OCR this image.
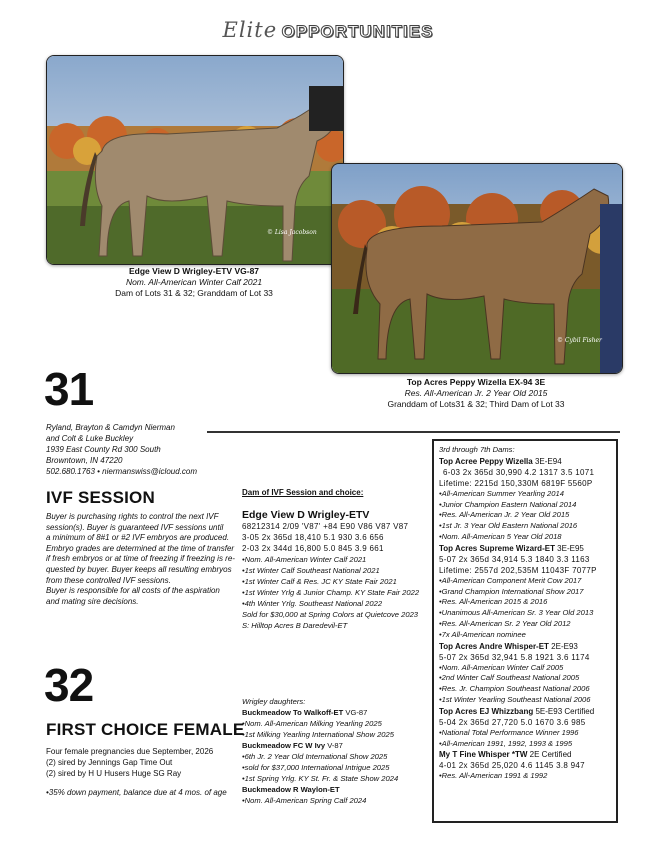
Elite OPPORTUNITIES
© Lisa Jacobson
Edge View D Wrigley-ETV VG-87
Nom. All-American Winter Calf 2021
Dam of Lots 31 & 32; Granddam of Lot 33
© Cybil Fisher
Top Acres Peppy Wizella EX-94 3E
Res. All-American Jr. 2 Year Old 2015
Granddam of Lots31 & 32; Third Dam of Lot 33
31
Ryland, Brayton & Camdyn Nierman
and Colt & Luke Buckley
1939 East County Rd 300 South
Browntown, IN 47220
502.680.1763 • niermanswiss@icloud.com
IVF SESSION
Buyer is purchasing rights to control the next IVF
session(s). Buyer is guaranteed IVF sessions until
a minimum of 8#1 or #2 IVF embryos are produced.
Embryo grades are determined at the time of transfer
if fresh embryos or at time of freezing if freezing is re-
quested by buyer. Buyer keeps all resulting embryos
from these controlled IVF sessions.
Buyer is responsible for all costs of the aspiration
and mating sire decisions.
32
FIRST CHOICE FEMALE
Four female pregnancies due September, 2026
(2) sired by Jennings Gap Time Out
(2) sired by H U Husers Huge SG Ray
•35% down payment, balance due at 4 mos. of age
Dam of IVF Session and choice:
Edge View D Wrigley-ETV
68212314 2/09 'V87' +84 E90 V86 V87 V87
3-05 2x 365d 18,410 5.1 930 3.6 656
2-03 2x 344d 16,800 5.0 845 3.9 661
•Nom. All-American Winter Calf 2021
•1st Winter Calf Southeast National 2021
•1st Winter Calf & Res. JC KY State Fair 2021
•1st Winter Yrlg & Junior Champ. KY State Fair 2022
•4th Winter Yrlg. Southeast National 2022
Sold for $30,000 at Spring Colors at Quietcove 2023
S: Hilltop Acres B Daredevil-ET
Wrigley daughters:
Buckmeadow To Walkoff-ET VG-87
•Nom. All-American Milking Yearling 2025
•1st Milking Yearling International Show 2025
Buckmeadow FC W Ivy V-87
•6th Jr. 2 Year Old International Show 2025
•sold for $37,000 International Intrigue 2025
•1st Spring Yrlg. KY St. Fr. & State Show 2024
Buckmeadow R Waylon-ET
•Nom. All-American Spring Calf 2024
3rd through 7th Dams:
Top Acree Peppy Wizella 3E-E94
6-03 2x 365d 30,990 4.2 1317 3.5 1071
Lifetime: 2215d 150,330M 6819F 5560P
•All-American Summer Yearling 2014
•Junior Champion Eastern National 2014
•Res. All-American Jr. 2 Year Old 2015
•1st Jr. 3 Year Old Eastern National 2016
•Nom. All-American 5 Year Old 2018
Top Acres Supreme Wizard-ET 3E-E95
5-07 2x 365d 34,914 5.3 1840 3.3 1163
Lifetime: 2557d 202,535M 11043F 7077P
•All-American Component Merit Cow 2017
•Grand Champion International Show 2017
•Res. All-American 2015 & 2016
•Unanimous All-American Sr. 3 Year Old 2013
•Res. All-American Sr. 2 Year Old 2012
•7x All-American nominee
Top Acres Andre Whisper-ET 2E-E93
5-07 2x 365d 32,941 5.8 1921 3.6 1174
•Nom. All-American Winter Calf 2005
•2nd Winter Calf Southeast National 2005
•Res. Jr. Champion Southeast National 2006
•1st Winter Yearling Southeast National 2006
Top Acres EJ Whizzbang 5E-E93 Certified
5-04 2x 365d 27,720 5.0 1670 3.6 985
•National Total Performance Winner 1996
•All-American 1991, 1992, 1993 & 1995
My T Fine Whisper *TW 2E Certified
4-01 2x 365d 25,020 4.6 1145 3.8 947
•Res. All-American 1991 & 1992
